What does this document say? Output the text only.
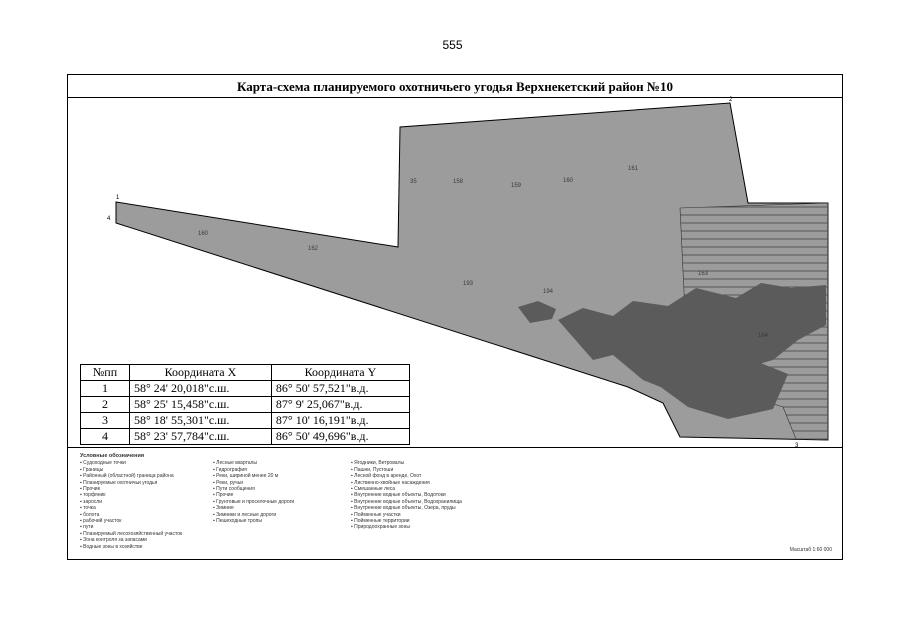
555
Карта-схема планируемого охотничьего угодья Верхнекетский район №10
35	158
159
160
161
163
162
193
194
160
164
1
2
3
4
№пп	Координата X	Координата Y
1	58° 24' 20,018"с.ш.	86° 50' 57,521"в.д.
2	58° 25' 15,458"с.ш.	87° 9' 25,067"в.д.
3	58° 18' 55,301"с.ш.	87° 10' 16,191"в.д.
4	58° 23' 57,784"с.ш.	86° 50' 49,696"в.д.
Условные обозначения
▪ Судоходные точки
▪ Границы
▪ Районный (областной) граница района
▪ Планируемые охотничьи угодья
▪ Прочие
▪ торфяник
▪ заросли
▪ точка
▪ болота
▪ рабочий участок
▪ пути
▪ Планируемый лесохозяйственный участок
▪ Зона контроля за запасами
▪ Водные зоны в хозяйстве
▪ Лесные кварталы
▪ Гидрография
▪ Реки, шириной менее 20 м
▪ Реки, ручьи
▪ Пути сообщения
▪ Прочие
▪ Грунтовые и проселочные дороги
▪ Зимние
▪ Зимники и лесные дороги
▪ Пешеходные тропы
▪ Ягодники, Ветровалы
▪ Пашни, Пустоши
▪ Лесной фонд в аренде, Охот
▪ Лиственно-хвойные насаждения
▪ Смешанные леса
▪ Внутренние водные объекты, Водотоки
▪ Внутренние водные объекты, Водохранилища
▪ Внутренние водные объекты, Озера, пруды
▪ Пойменные участки
▪ Пойменные территории
▪ Природоохранные зоны
Масштаб 1:60 000
